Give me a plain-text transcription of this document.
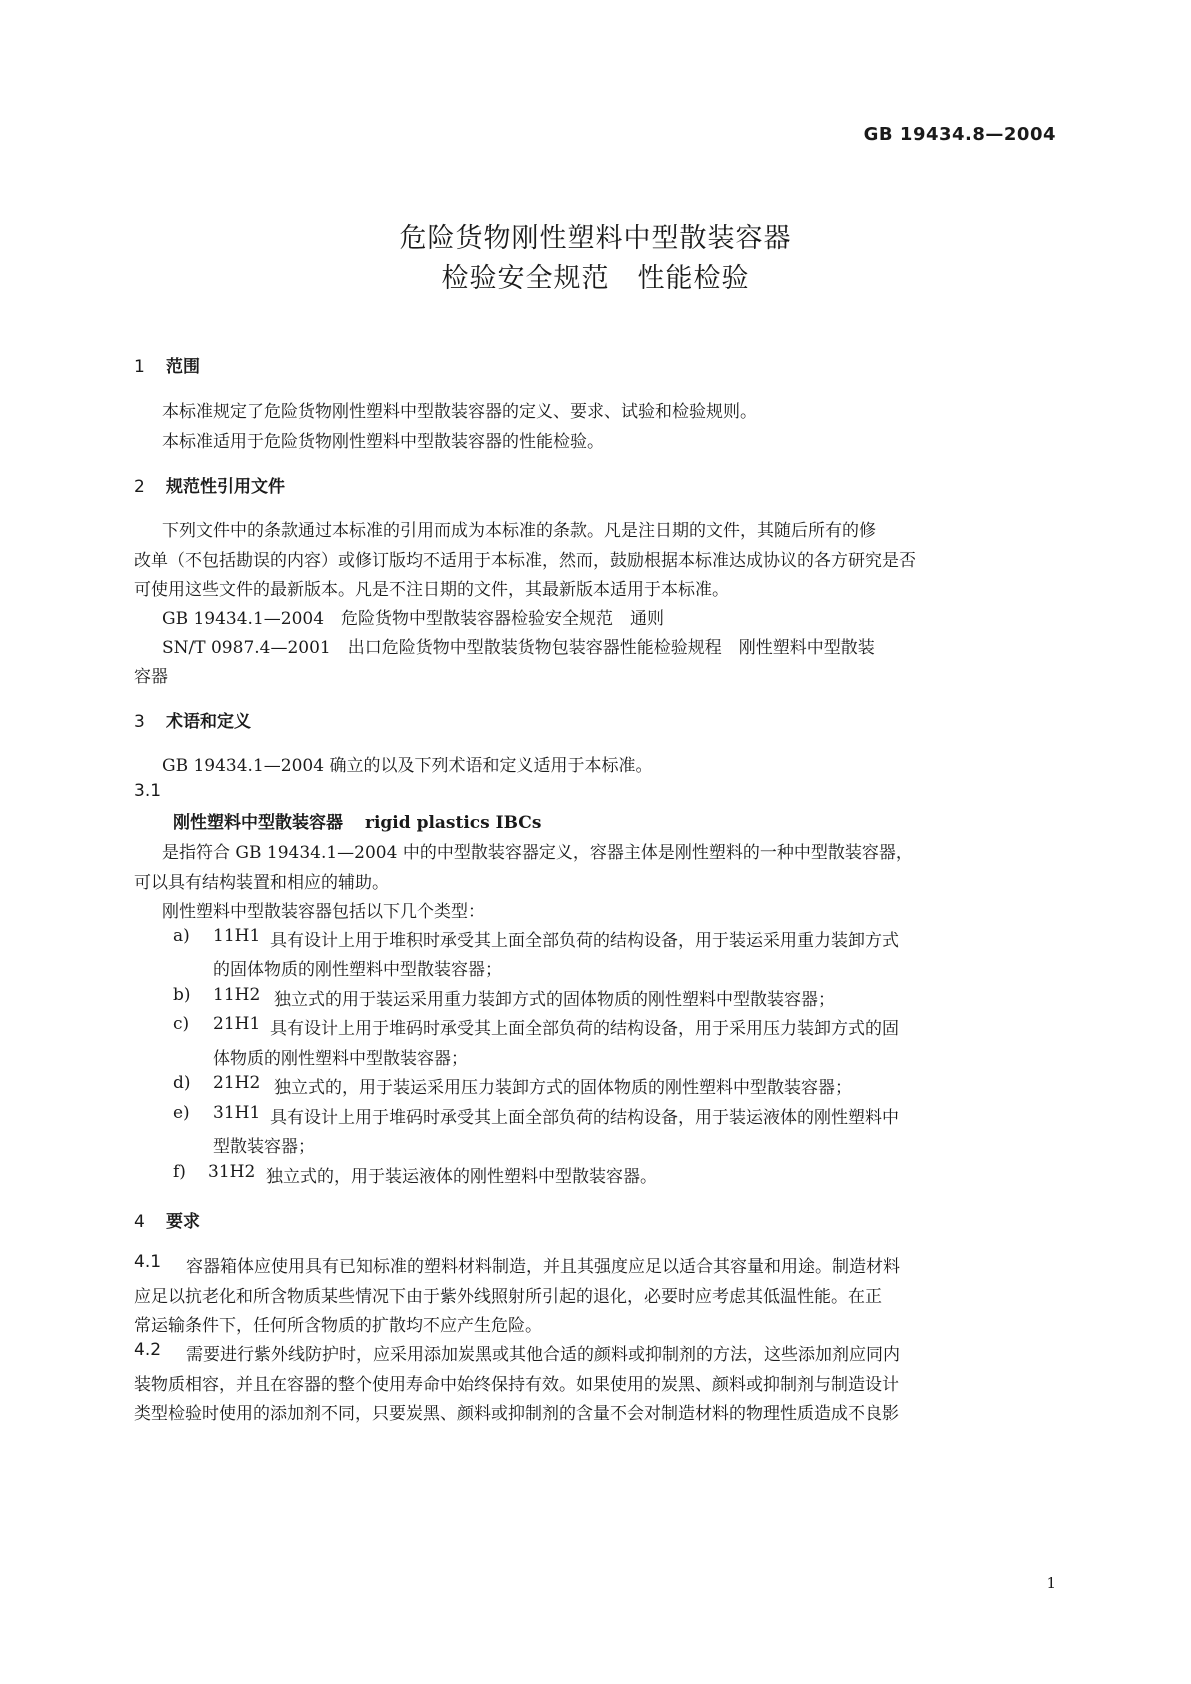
GB 19434.8—2004
危险货物刚性塑料中型散装容器
检验安全规范　性能检验
1 范围
本标准规定了危险货物刚性塑料中型散装容器的定义、要求、试验和检验规则。
本标准适用于危险货物刚性塑料中型散装容器的性能检验。
2 规范性引用文件
下列文件中的条款通过本标准的引用而成为本标准的条款。凡是注日期的文件，其随后所有的修
改单（不包括勘误的内容）或修订版均不适用于本标准，然而，鼓励根据本标准达成协议的各方研究是否
可使用这些文件的最新版本。凡是不注日期的文件，其最新版本适用于本标准。
GB 19434.1—2004　危险货物中型散装容器检验安全规范　通则
SN/T 0987.4—2001　出口危险货物中型散装货物包装容器性能检验规程　刚性塑料中型散装
容器
3 术语和定义
GB 19434.1—2004 确立的以及下列术语和定义适用于本标准。
3.1
刚性塑料中型散装容器 rigid plastics IBCs
是指符合 GB 19434.1—2004 中的中型散装容器定义，容器主体是刚性塑料的一种中型散装容器，
可以具有结构装置和相应的辅助。
刚性塑料中型散装容器包括以下几个类型：
a) 11H1 具有设计上用于堆积时承受其上面全部负荷的结构设备，用于装运采用重力装卸方式
的固体物质的刚性塑料中型散装容器；
b) 11H2 独立式的用于装运采用重力装卸方式的固体物质的刚性塑料中型散装容器；
c) 21H1 具有设计上用于堆码时承受其上面全部负荷的结构设备，用于采用压力装卸方式的固
体物质的刚性塑料中型散装容器；
d) 21H2 独立式的，用于装运采用压力装卸方式的固体物质的刚性塑料中型散装容器；
e) 31H1 具有设计上用于堆码时承受其上面全部负荷的结构设备，用于装运液体的刚性塑料中
型散装容器；
f) 31H2 独立式的，用于装运液体的刚性塑料中型散装容器。
4 要求
4.1 容器箱体应使用具有已知标准的塑料材料制造，并且其强度应足以适合其容量和用途。制造材料
应足以抗老化和所含物质某些情况下由于紫外线照射所引起的退化，必要时应考虑其低温性能。在正
常运输条件下，任何所含物质的扩散均不应产生危险。
4.2 需要进行紫外线防护时，应采用添加炭黑或其他合适的颜料或抑制剂的方法，这些添加剂应同内
装物质相容，并且在容器的整个使用寿命中始终保持有效。如果使用的炭黑、颜料或抑制剂与制造设计
类型检验时使用的添加剂不同，只要炭黑、颜料或抑制剂的含量不会对制造材料的物理性质造成不良影
1
